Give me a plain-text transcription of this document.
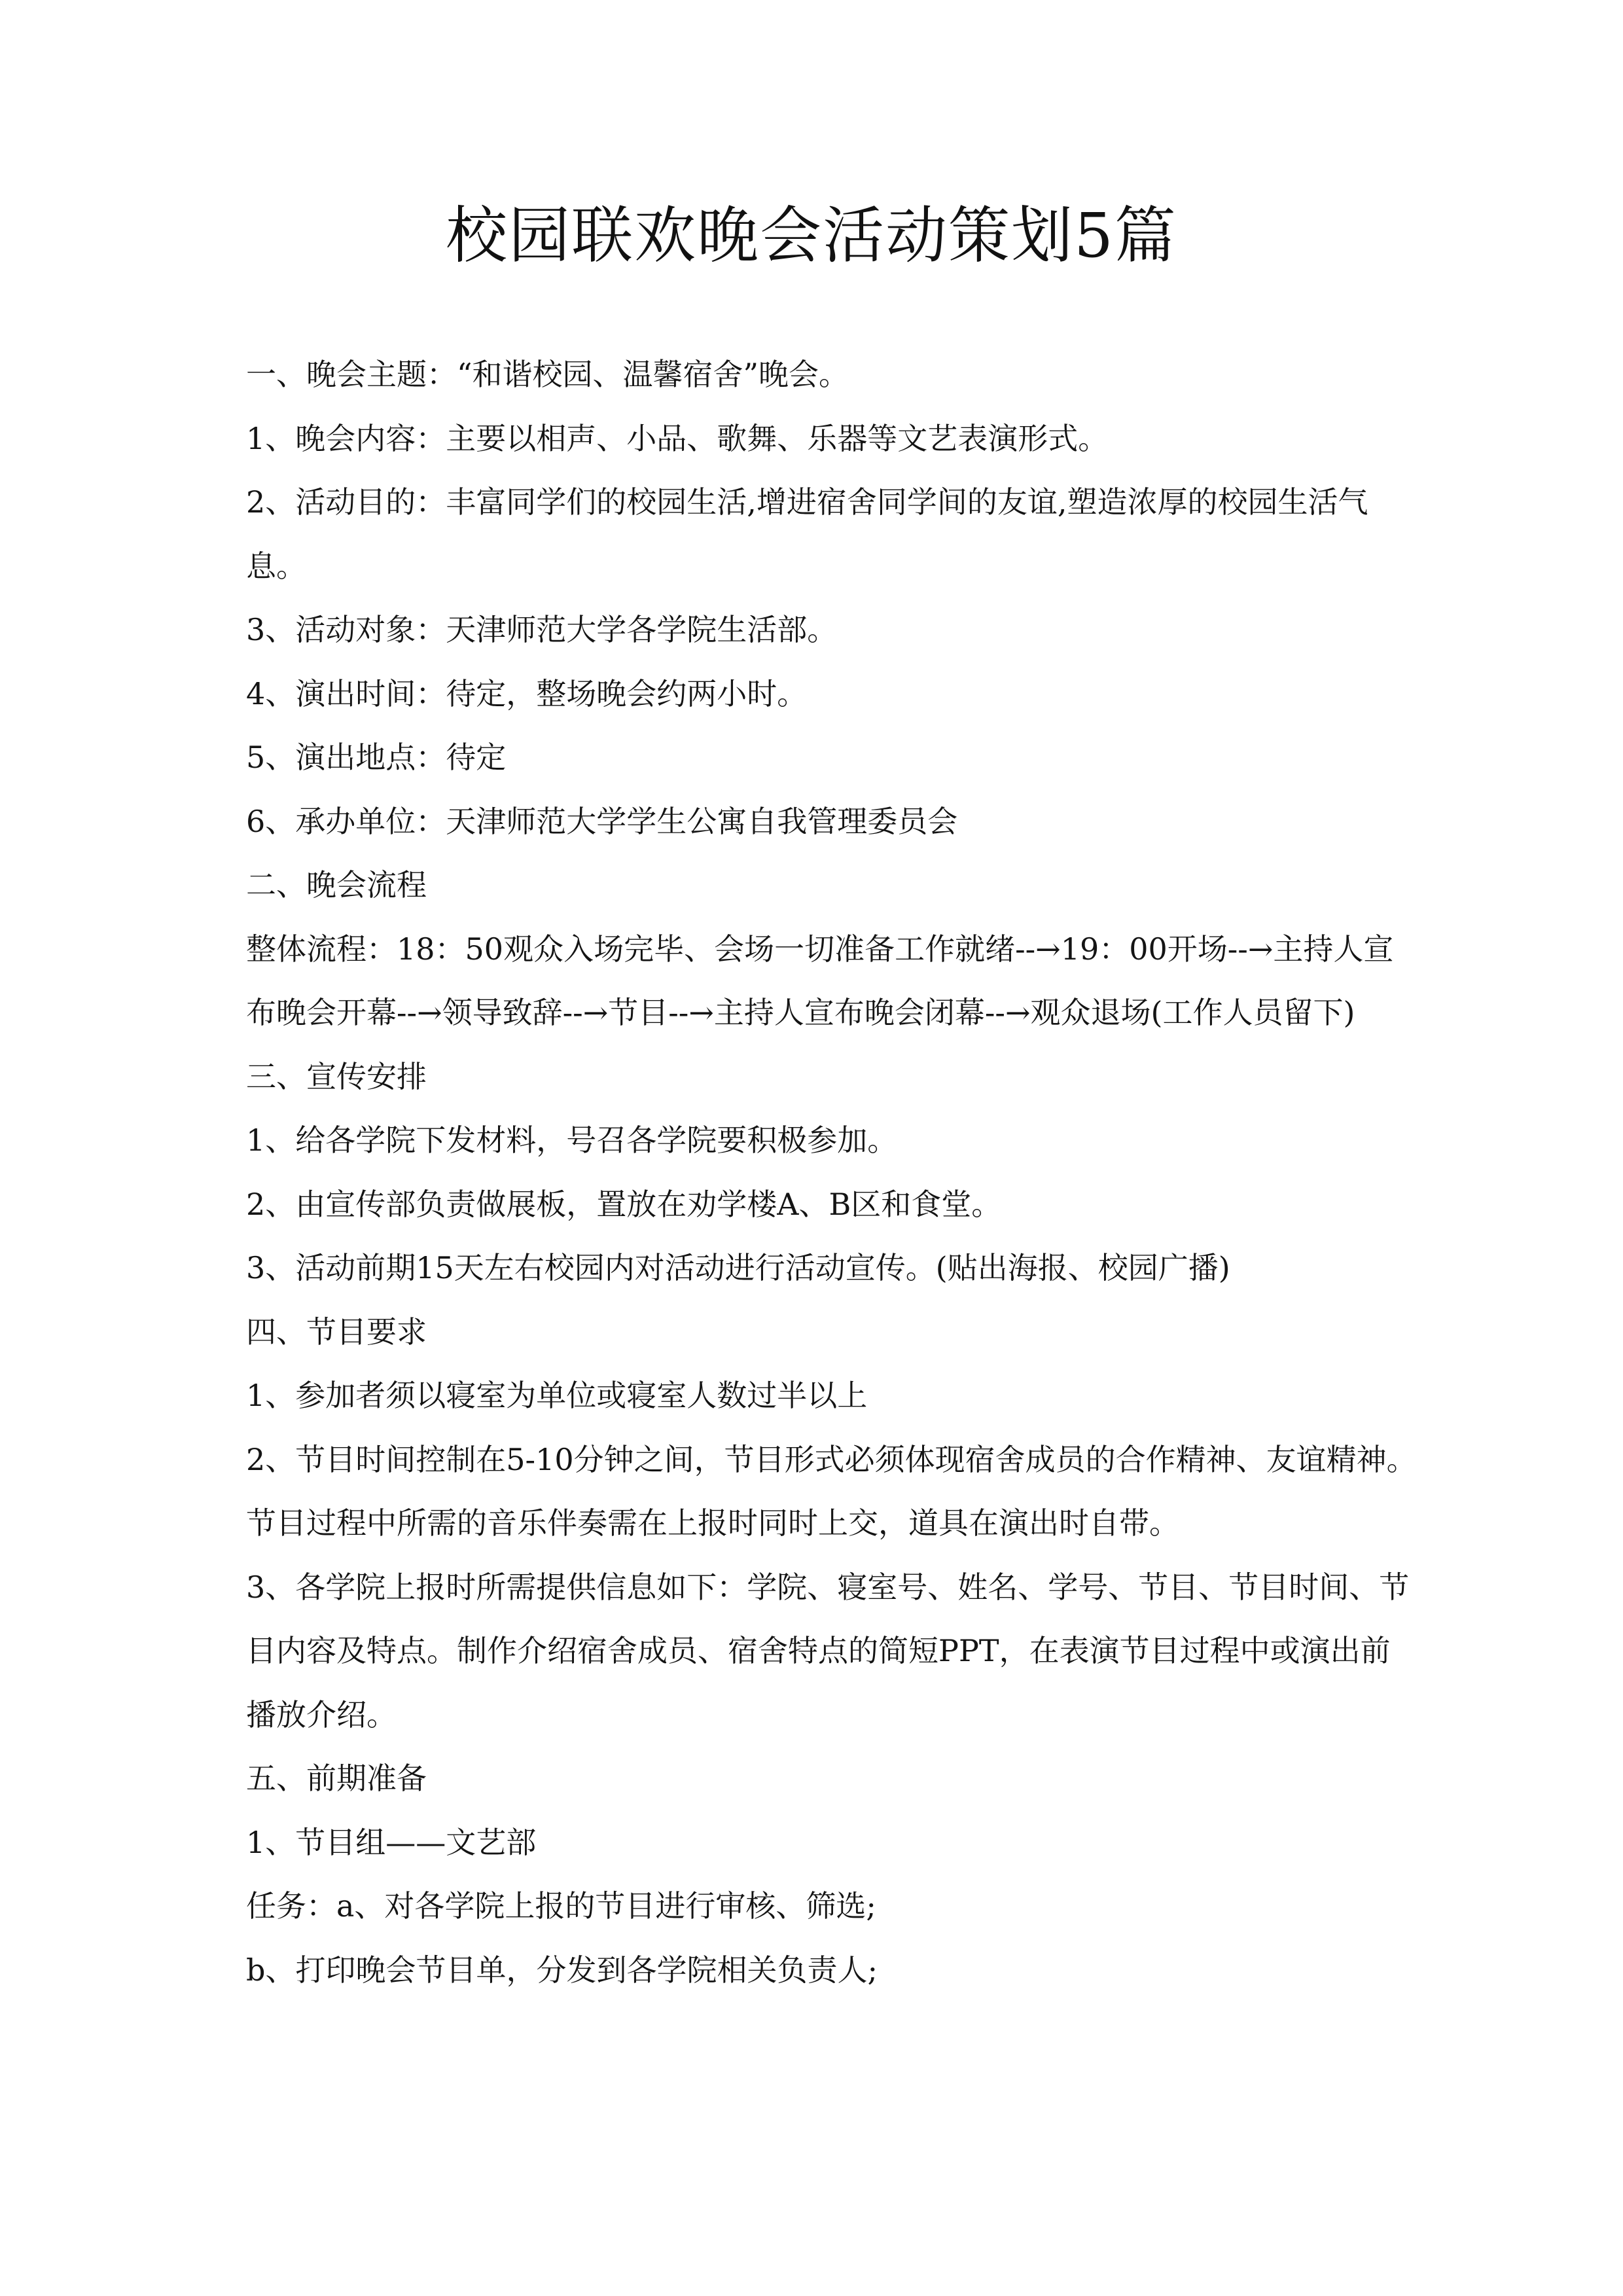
校园联欢晚会活动策划5篇

一、晚会主题：“和谐校园、温馨宿舍”晚会。

1、晚会内容：主要以相声、小品、歌舞、乐器等文艺表演形式。

2、活动目的：丰富同学们的校园生活,增进宿舍同学间的友谊,塑造浓厚的校园生活气息。

3、活动对象：天津师范大学各学院生活部。

4、演出时间：待定，整场晚会约两小时。

5、演出地点：待定

6、承办单位：天津师范大学学生公寓自我管理委员会

二、晚会流程

整体流程：18：50观众入场完毕、会场一切准备工作就绪--→19：00开场--→主持人宣布晚会开幕--→领导致辞--→节目--→主持人宣布晚会闭幕--→观众退场(工作人员留下)

三、宣传安排

1、给各学院下发材料，号召各学院要积极参加。

2、由宣传部负责做展板，置放在劝学楼A、B区和食堂。

3、活动前期15天左右校园内对活动进行活动宣传。(贴出海报、校园广播)

四、节目要求

1、参加者须以寝室为单位或寝室人数过半以上

2、节目时间控制在5-10分钟之间，节目形式必须体现宿舍成员的合作精神、友谊精神。节目过程中所需的音乐伴奏需在上报时同时上交，道具在演出时自带。

3、各学院上报时所需提供信息如下：学院、寝室号、姓名、学号、节目、节目时间、节目内容及特点。制作介绍宿舍成员、宿舍特点的简短PPT，在表演节目过程中或演出前播放介绍。

五、前期准备

1、节目组——文艺部

任务：a、对各学院上报的节目进行审核、筛选;

b、打印晚会节目单，分发到各学院相关负责人;
